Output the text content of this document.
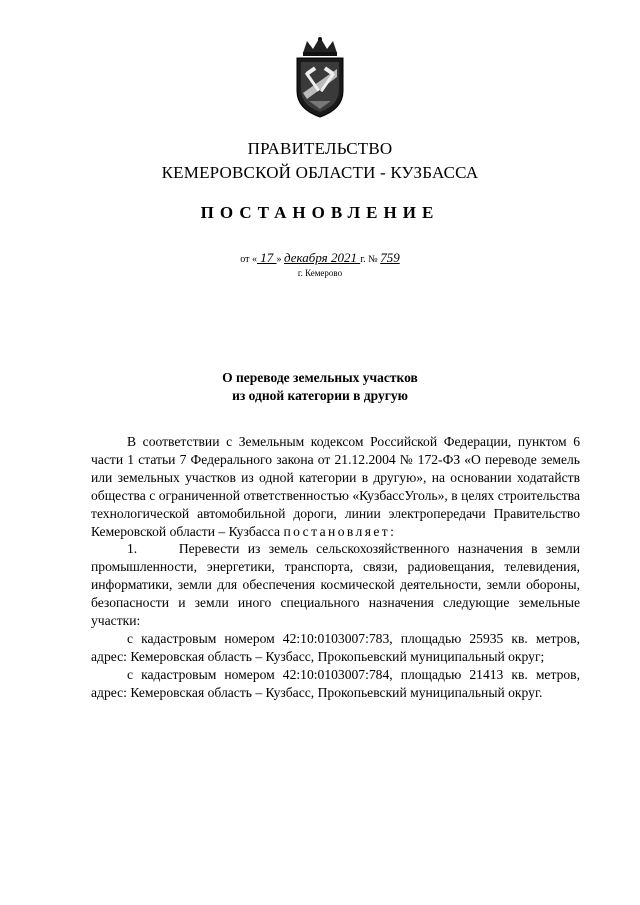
ПРАВИТЕЛЬСТВО
КЕМЕРОВСКОЙ ОБЛАСТИ - КУЗБАССА
ПОСТАНОВЛЕНИЕ
от « 17 » декабря 2021 г. № 759
г. Кемерово
О переводе земельных участков
из одной категории в другую

В соответствии с Земельным кодексом Российской Федерации, пунктом 6 части 1 статьи 7 Федерального закона от 21.12.2004 № 172-ФЗ «О переводе земель или земельных участков из одной категории в другую», на основании ходатайств общества с ограниченной ответственностью «КузбассУголь», в целях строительства технологической автомобильной дороги, линии электропередачи Правительство Кемеровской области – Кузбасса постановляет:

1.     Перевести из земель сельскохозяйственного назначения в земли промышленности, энергетики, транспорта, связи, радиовещания, телевидения, информатики, земли для обеспечения космической деятельности, земли обороны, безопасности и земли иного специального назначения следующие земельные участки:

с кадастровым номером 42:10:0103007:783, площадью 25935 кв. метров, адрес: Кемеровская область – Кузбасс, Прокопьевский муниципальный округ;

с кадастровым номером 42:10:0103007:784, площадью 21413 кв. метров, адрес: Кемеровская область – Кузбасс, Прокопьевский муниципальный округ.
